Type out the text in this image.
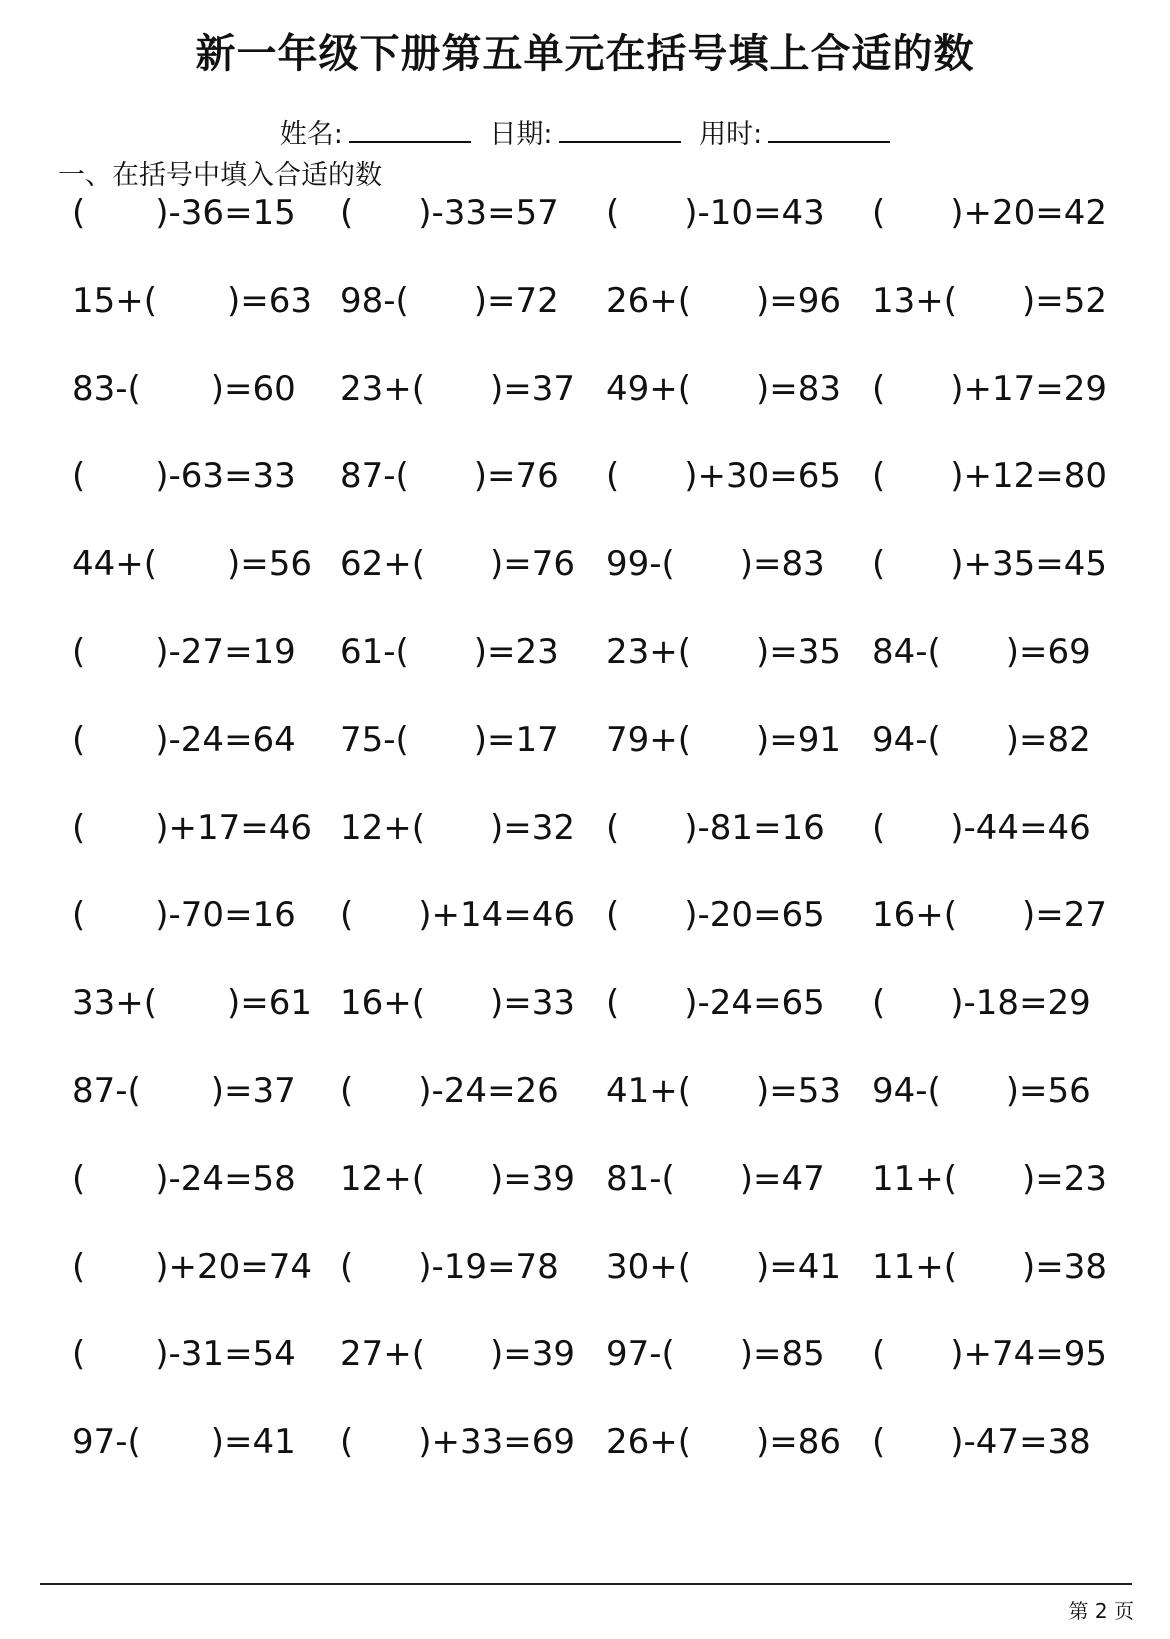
新一年级下册第五单元在括号填上合适的数
姓名:	日期:	用时:
一、在括号中填入合适的数
( )-36=15 ( )-33=57 ( )-10=43 ( )+20=42
15+( )=63 98-( )=72 26+( )=96 13+( )=52
83-( )=60 23+( )=37 49+( )=83 ( )+17=29
( )-63=33 87-( )=76 ( )+30=65 ( )+12=80
44+( )=56 62+( )=76 99-( )=83 ( )+35=45
( )-27=19 61-( )=23 23+( )=35 84-( )=69
( )-24=64 75-( )=17 79+( )=91 94-( )=82
( )+17=46 12+( )=32 ( )-81=16 ( )-44=46
( )-70=16 ( )+14=46 ( )-20=65 16+( )=27
33+( )=61 16+( )=33 ( )-24=65 ( )-18=29
87-( )=37 ( )-24=26 41+( )=53 94-( )=56
( )-24=58 12+( )=39 81-( )=47 11+( )=23
( )+20=74 ( )-19=78 30+( )=41 11+( )=38
( )-31=54 27+( )=39 97-( )=85 ( )+74=95
97-( )=41 ( )+33=69 26+( )=86 ( )-47=38
第 2 页
